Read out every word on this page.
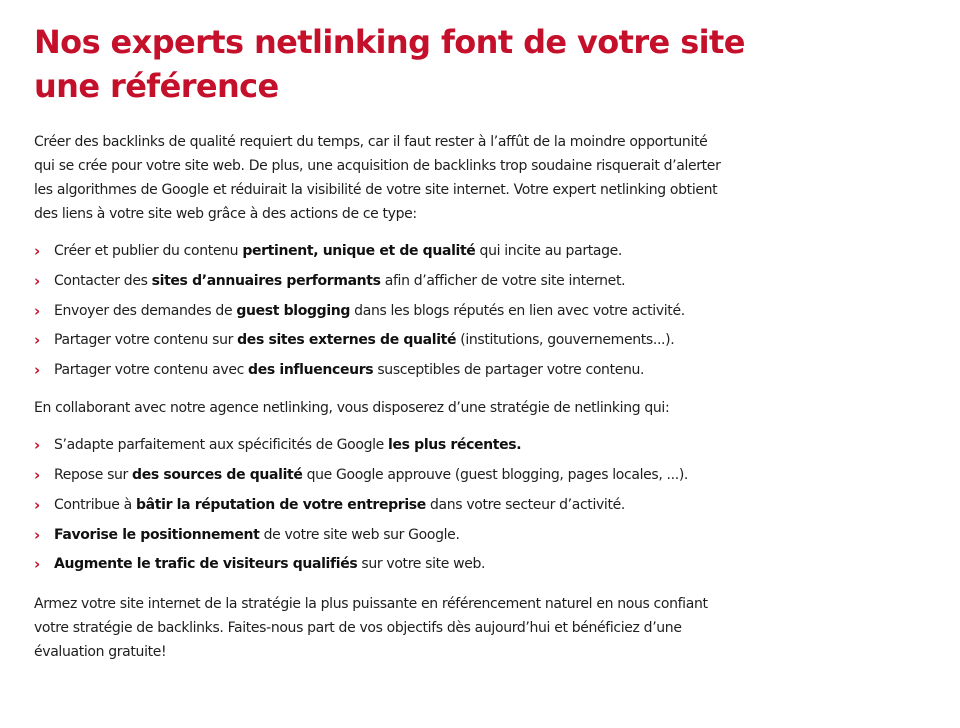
Nos experts netlinking font de votre site
une référence

Créer des backlinks de qualité requiert du temps, car il faut rester à l’affût de la moindre opportunité
qui se crée pour votre site web. De plus, une acquisition de backlinks trop soudaine risquerait d’alerter
les algorithmes de Google et réduirait la visibilité de votre site internet. Votre expert netlinking obtient
des liens à votre site web grâce à des actions de ce type:

› Créer et publier du contenu pertinent, unique et de qualité qui incite au partage.
› Contacter des sites d’annuaires performants afin d’afficher de votre site internet.
› Envoyer des demandes de guest blogging dans les blogs réputés en lien avec votre activité.
› Partager votre contenu sur des sites externes de qualité (institutions, gouvernements...).
› Partager votre contenu avec des influenceurs susceptibles de partager votre contenu.

En collaborant avec notre agence netlinking, vous disposerez d’une stratégie de netlinking qui:

› S’adapte parfaitement aux spécificités de Google les plus récentes.
› Repose sur des sources de qualité que Google approuve (guest blogging, pages locales, ...).
› Contribue à bâtir la réputation de votre entreprise dans votre secteur d’activité.
› Favorise le positionnement de votre site web sur Google.
› Augmente le trafic de visiteurs qualifiés sur votre site web.

Armez votre site internet de la stratégie la plus puissante en référencement naturel en nous confiant
votre stratégie de backlinks. Faites-nous part de vos objectifs dès aujourd’hui et bénéficiez d’une
évaluation gratuite!
